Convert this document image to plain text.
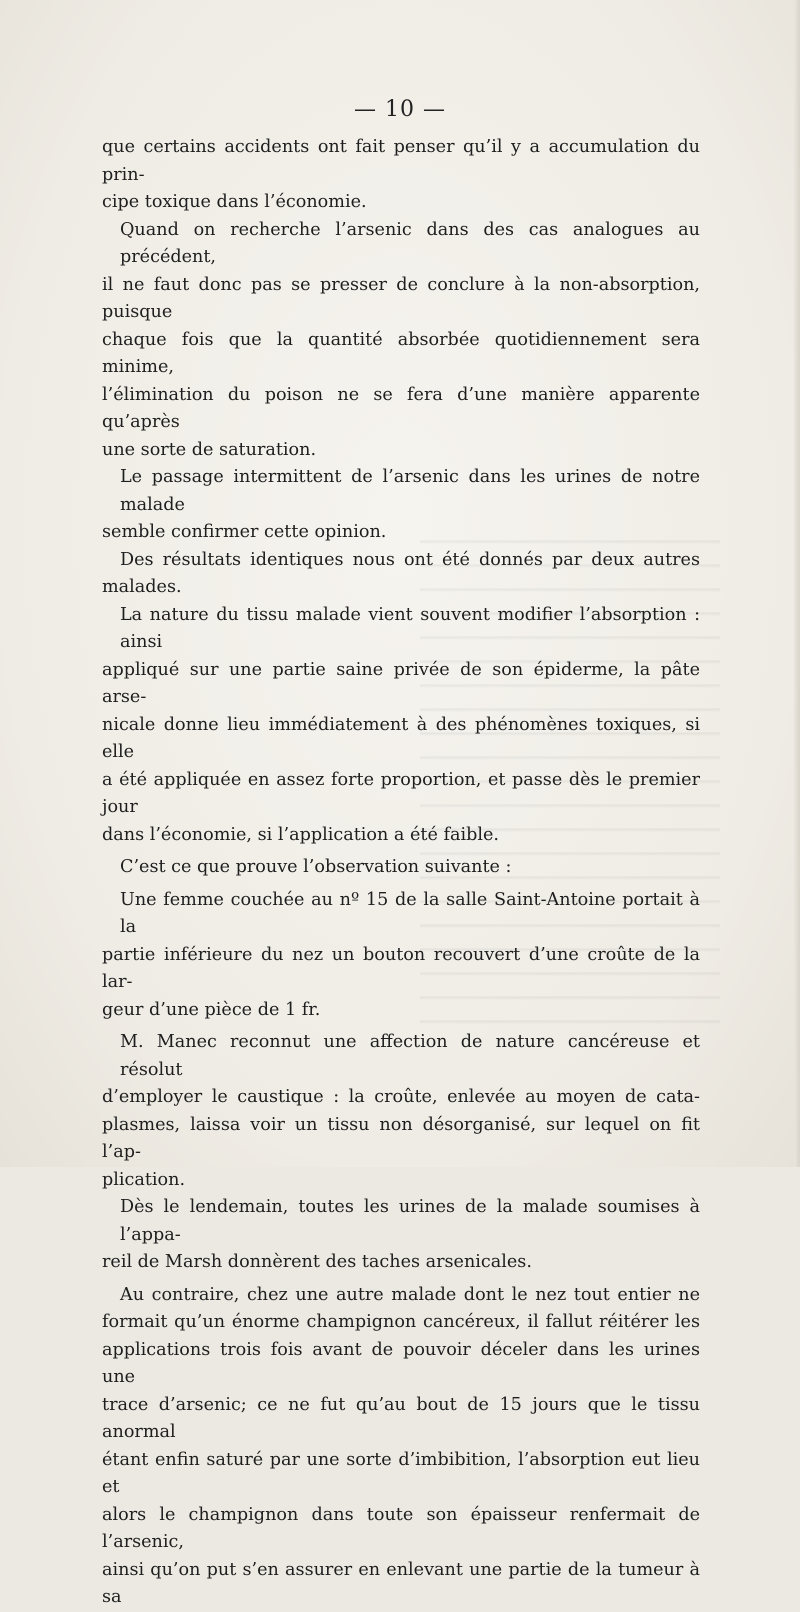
— 10 —

que certains accidents ont fait penser qu’il y a accumulation du prin-

cipe toxique dans l’économie.

Quand on recherche l’arsenic dans des cas analogues au précédent,

il ne faut donc pas se presser de conclure à la non-absorption, puisque

chaque fois que la quantité absorbée quotidiennement sera minime,

l’élimination du poison ne se fera d’une manière apparente qu’après

une sorte de saturation.

Le passage intermittent de l’arsenic dans les urines de notre malade

semble confirmer cette opinion.

Des résultats identiques nous ont été donnés par deux autres

malades.

La nature du tissu malade vient souvent modifier l’absorption : ainsi

appliqué sur une partie saine privée de son épiderme, la pâte arse-

nicale donne lieu immédiatement à des phénomènes toxiques, si elle

a été appliquée en assez forte proportion, et passe dès le premier jour

dans l’économie, si l’application a été faible.

C’est ce que prouve l’observation suivante :

Une femme couchée au nº 15 de la salle Saint-Antoine portait à la

partie inférieure du nez un bouton recouvert d’une croûte de la lar-

geur d’une pièce de 1 fr.

M. Manec reconnut une affection de nature cancéreuse et résolut

d’employer le caustique : la croûte, enlevée au moyen de cata-

plasmes, laissa voir un tissu non désorganisé, sur lequel on fit l’ap-

plication.

Dès le lendemain, toutes les urines de la malade soumises à l’appa-

reil de Marsh donnèrent des taches arsenicales.

Au contraire, chez une autre malade dont le nez tout entier ne

formait qu’un énorme champignon cancéreux, il fallut réitérer les

applications trois fois avant de pouvoir déceler dans les urines une

trace d’arsenic; ce ne fut qu’au bout de 15 jours que le tissu anormal

étant enfin saturé par une sorte d’imbibition, l’absorption eut lieu et

alors le champignon dans toute son épaisseur renfermait de l’arsenic,

ainsi qu’on put s’en assurer en enlevant une partie de la tumeur à sa
